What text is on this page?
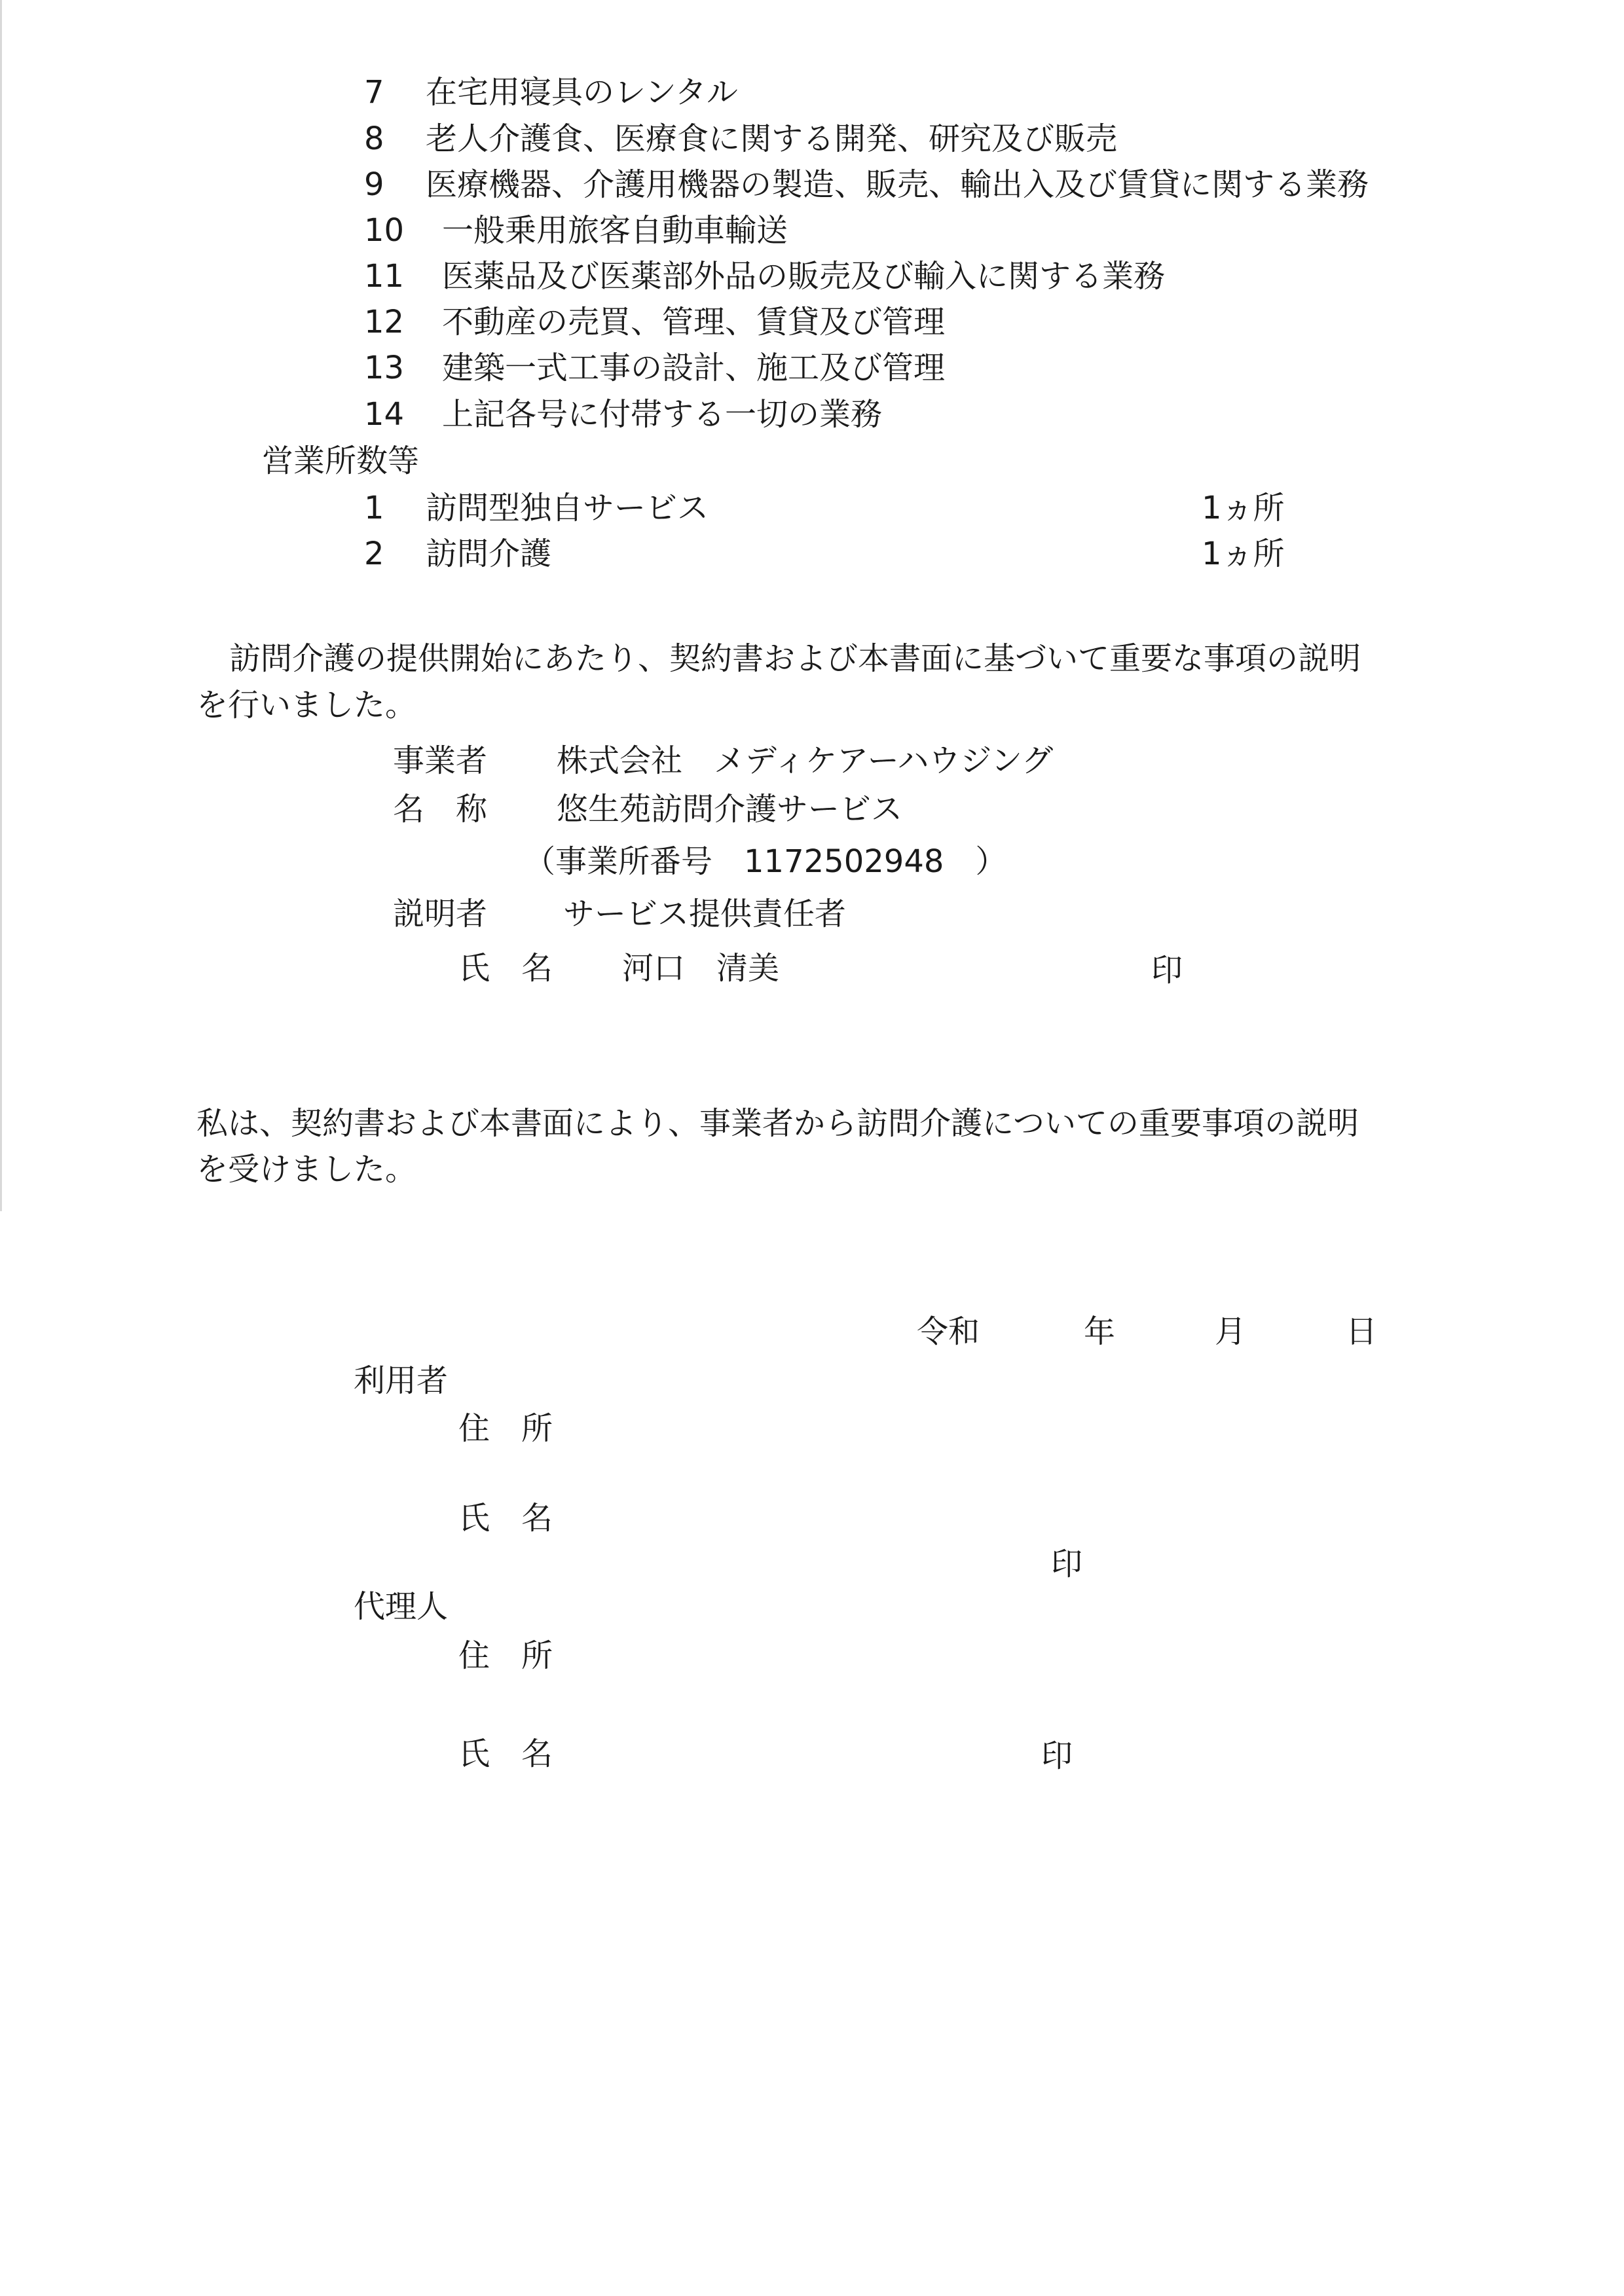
7 在宅用寝具のレンタル
8 老人介護食、医療食に関する開発、研究及び販売
9 医療機器、介護用機器の製造、販売、輸出入及び賃貸に関する業務
10 一般乗用旅客自動車輸送
11 医薬品及び医薬部外品の販売及び輸入に関する業務
12 不動産の売買、管理、賃貸及び管理
13 建築一式工事の設計、施工及び管理
14 上記各号に付帯する一切の業務
営業所数等
1 訪問型独自サービス	1ヵ所
2 訪問介護	1ヵ所
訪問介護の提供開始にあたり、契約書および本書面に基づいて重要な事項の説明
を行いました。
事業者 株式会社　メディケアーハウジング
名　称 悠生苑訪問介護サービス
（事業所番号　1172502948　）
説明者 サービス提供責任者
氏　名 河口　清美	印
私は、契約書および本書面により、事業者から訪問介護についての重要事項の説明
を受けました。
令和	年	月	日
利用者
住　所
氏　名
印
代理人
住　所
氏　名	印
